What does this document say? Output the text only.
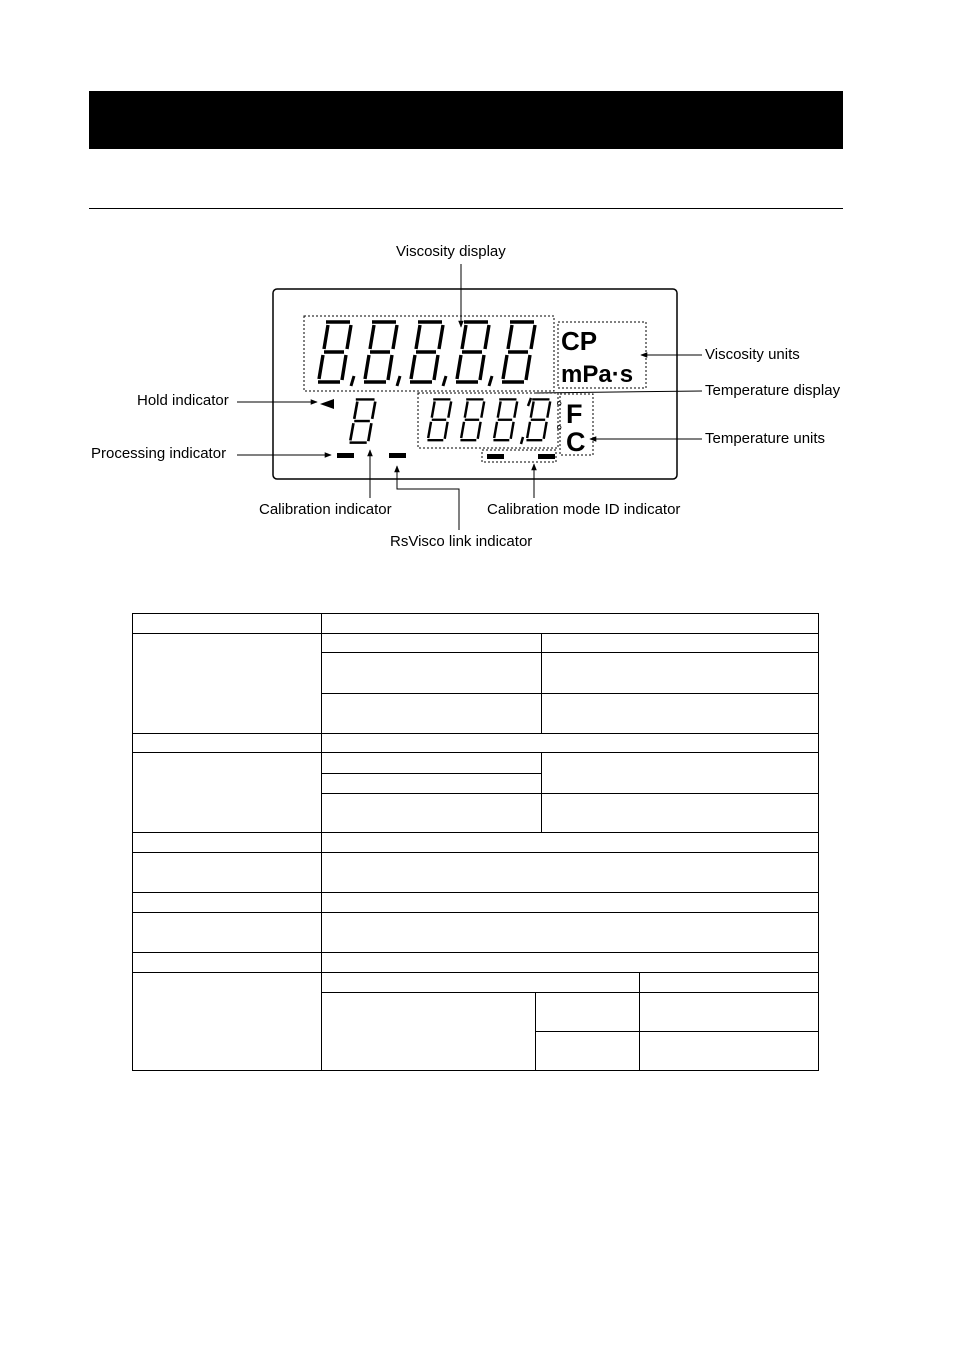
CP
mPa·s
° F
° C
Viscosity display
Viscosity units
Temperature display
Temperature units
Hold indicator
Processing indicator
Calibration indicator	Calibration mode ID indicator
RsVisco link indicator
